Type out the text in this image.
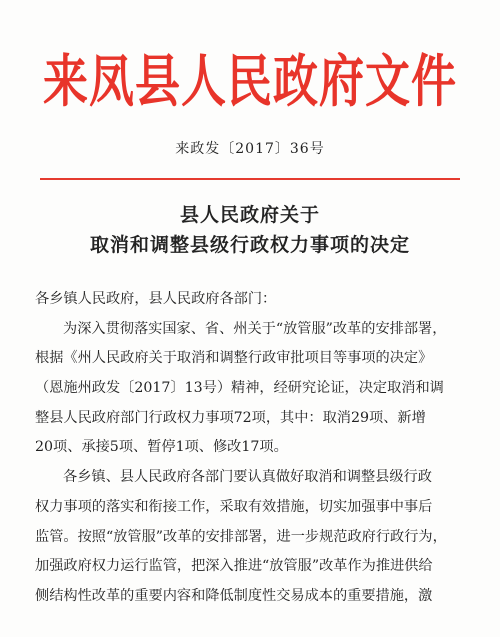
来凤县人民政府文件
来政发〔2017〕36号
县人民政府关于
取消和调整县级行政权力事项的决定
各乡镇人民政府，县人民政府各部门：
为深入贯彻落实国家、省、州关于“放管服”改革的安排部署，
根据《州人民政府关于取消和调整行政审批项目等事项的决定》
（恩施州政发〔2017〕13号）精神，经研究论证，决定取消和调
整县人民政府部门行政权力事项72项，其中：取消29项、新增
20项、承接5项、暂停1项、修改17项。
各乡镇、县人民政府各部门要认真做好取消和调整县级行政
权力事项的落实和衔接工作，采取有效措施，切实加强事中事后
监管。按照“放管服”改革的安排部署，进一步规范政府行政行为，
加强政府权力运行监管，把深入推进“放管服”改革作为推进供给
侧结构性改革的重要内容和降低制度性交易成本的重要措施，激
